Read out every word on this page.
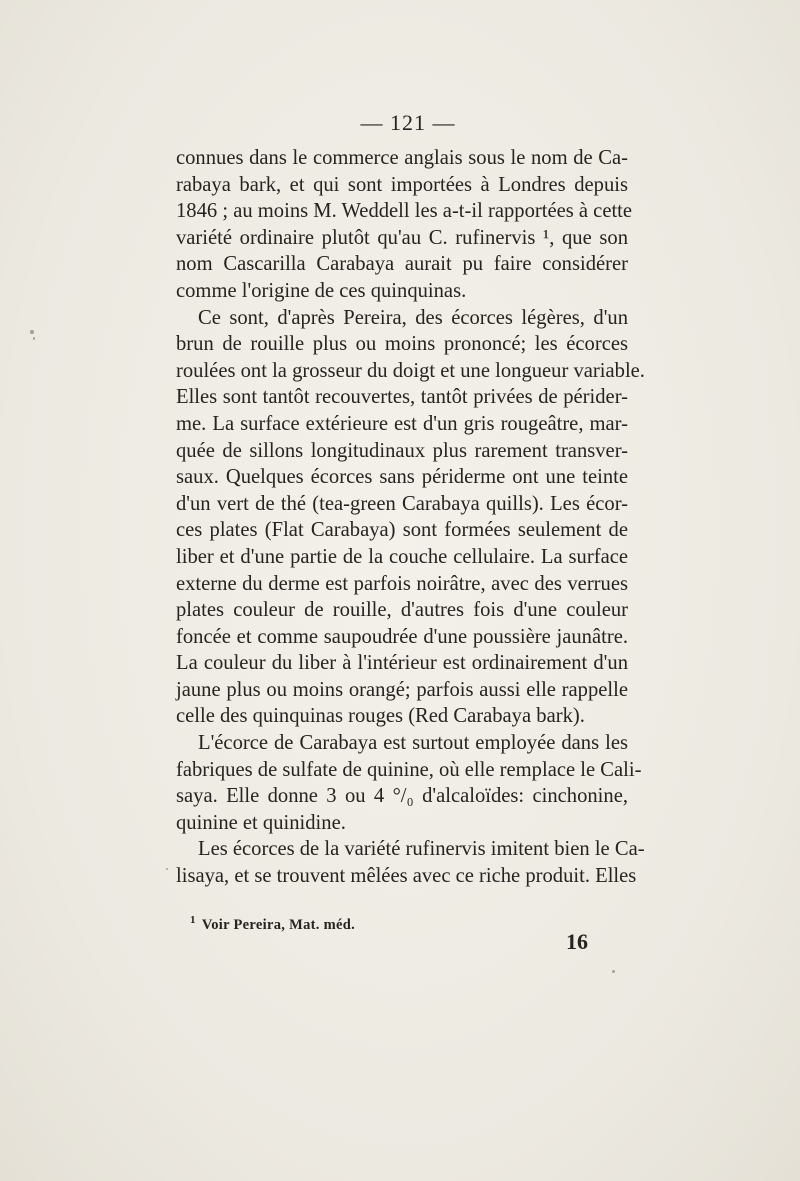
— 121 —
connues dans le commerce anglais sous le nom de Ca-
rabaya bark, et qui sont importées à Londres depuis
1846 ; au moins M. Weddell les a-t-il rapportées à cette
variété ordinaire plutôt qu'au C. rufinervis ¹, que son
nom Cascarilla Carabaya aurait pu faire considérer
comme l'origine de ces quinquinas.
Ce sont, d'après Pereira, des écorces légères, d'un
brun de rouille plus ou moins prononcé; les écorces
roulées ont la grosseur du doigt et une longueur variable.
Elles sont tantôt recouvertes, tantôt privées de périder-
me. La surface extérieure est d'un gris rougeâtre, mar-
quée de sillons longitudinaux plus rarement transver-
saux. Quelques écorces sans périderme ont une teinte
d'un vert de thé (tea-green Carabaya quills). Les écor-
ces plates (Flat Carabaya) sont formées seulement de
liber et d'une partie de la couche cellulaire. La surface
externe du derme est parfois noirâtre, avec des verrues
plates couleur de rouille, d'autres fois d'une couleur
foncée et comme saupoudrée d'une poussière jaunâtre.
La couleur du liber à l'intérieur est ordinairement d'un
jaune plus ou moins orangé; parfois aussi elle rappelle
celle des quinquinas rouges (Red Carabaya bark).
L'écorce de Carabaya est surtout employée dans les
fabriques de sulfate de quinine, où elle remplace le Cali-
saya. Elle donne 3 ou 4 °/₀ d'alcaloïdes: cinchonine,
quinine et quinidine.
Les écorces de la variété rufinervis imitent bien le Ca-
lisaya, et se trouvent mêlées avec ce riche produit. Elles
$^1$ Voir Pereira, Mat. méd.
16
